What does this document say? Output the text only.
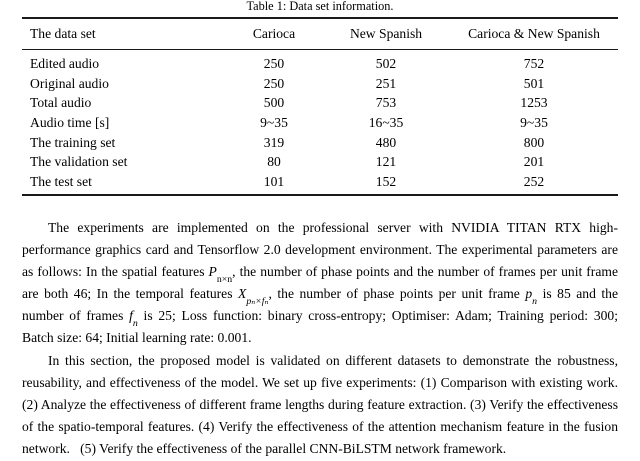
Table 1: Data set information.

The data set	Carioca	New Spanish	Carioca & New Spanish

Edited audio	250	502	752
Original audio	250	251	501
Total audio	500	753	1253
Audio time [s]	9~35	16~35	9~35
The training set	319	480	800
The validation set	80	121	201
The test set	101	152	252

The experiments are implemented on the professional server with NVIDIA TITAN RTX high-performance graphics card and Tensorflow 2.0 development environment. The experimental parameters are as follows: In the spatial features $P_{n\times n}$, the number of phase points and the number of frames per unit frame are both 46; In the temporal features $X_{p_n\times f_n}$, the number of phase points per unit frame $p_n$ is 85 and the number of frames $f_n$ is 25; Loss function: binary cross-entropy; Optimiser: Adam; Training period: 300; Batch size: 64; Initial learning rate: 0.001.

In this section, the proposed model is validated on different datasets to demonstrate the robustness, reusability, and effectiveness of the model. We set up five experiments: (1) Comparison with existing work. (2) Analyze the effectiveness of different frame lengths during feature extraction. (3) Verify the effectiveness of the spatio-temporal features. (4) Verify the effectiveness of the attention mechanism feature in the fusion network.  (5) Verify the effectiveness of the parallel CNN-BiLSTM network framework.
